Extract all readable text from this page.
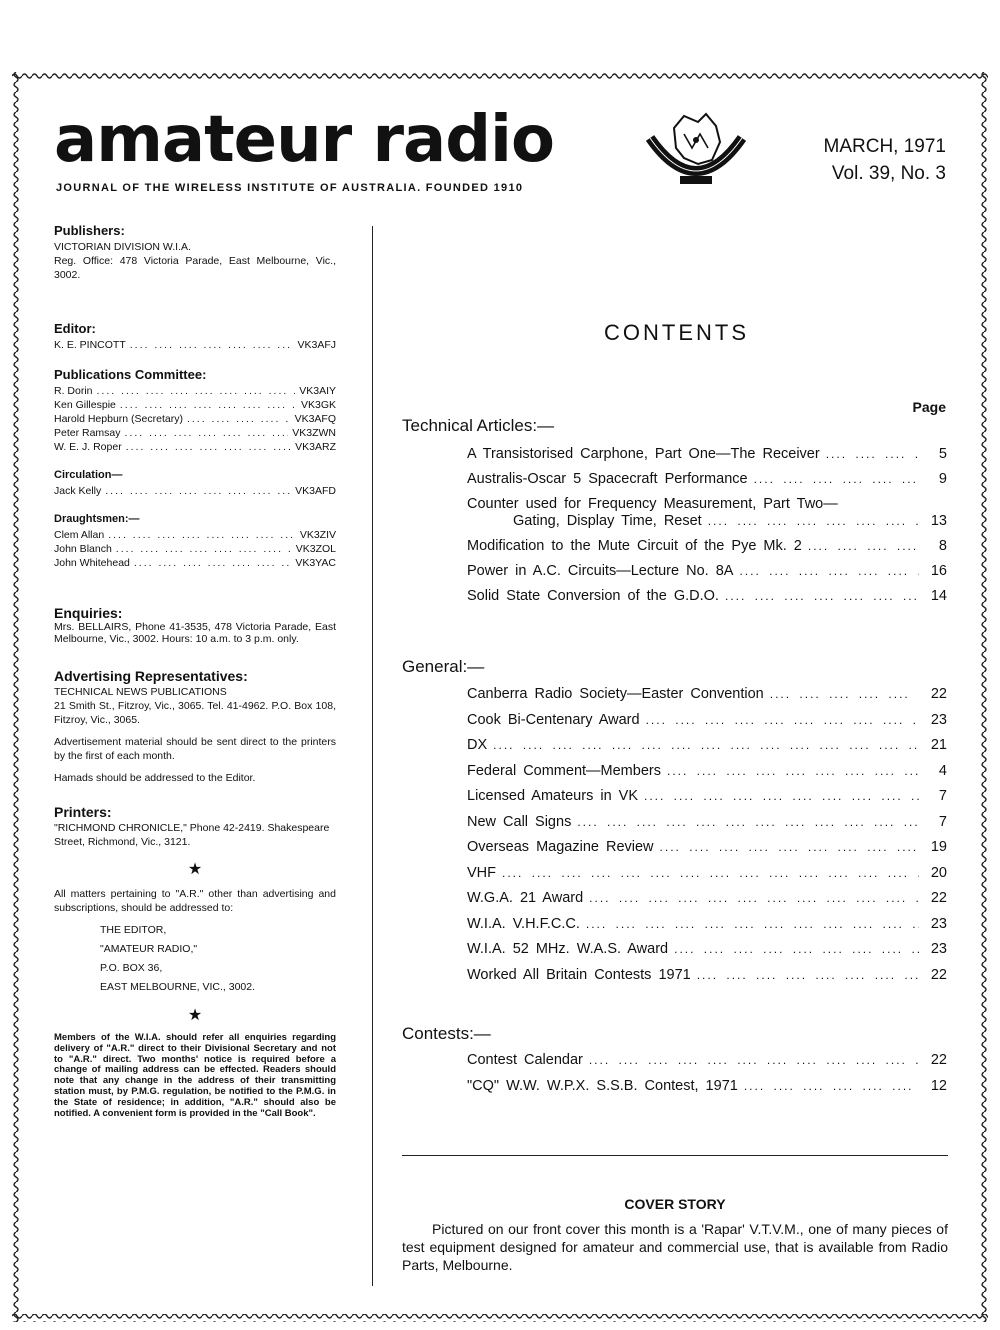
amateur radio
JOURNAL OF THE WIRELESS INSTITUTE OF AUSTRALIA. FOUNDED 1910
MARCH, 1971
Vol. 39, No. 3
Publishers:
VICTORIAN DIVISION W.I.A.
Reg. Office: 478 Victoria Parade, East Melbourne, Vic., 3002.
Editor:
K. E. PINCOTT ....	VK3AFJ
Publications Committee:
R. Dorin ....	VK3AIY
Ken Gillespie ....	VK3GK
Harold Hepburn (Secretary) ....	VK3AFQ
Peter Ramsay ....	VK3ZWN
W. E. J. Roper ....	VK3ARZ
Circulation—
Jack Kelly ....	VK3AFD
Draughtsmen:—
Clem Allan ....	VK3ZIV
John Blanch ....	VK3ZOL
John Whitehead ....	VK3YAC
Enquiries:
Mrs. BELLAIRS, Phone 41-3535, 478 Victoria Parade, East Melbourne, Vic., 3002. Hours: 10 a.m. to 3 p.m. only.
Advertising Representatives:
TECHNICAL NEWS PUBLICATIONS
21 Smith St., Fitzroy, Vic., 3065. Tel. 41-4962. P.O. Box 108, Fitzroy, Vic., 3065.
Advertisement material should be sent direct to the printers by the first of each month.
Hamads should be addressed to the Editor.
Printers:
"RICHMOND CHRONICLE," Phone 42-2419. Shakespeare Street, Richmond, Vic., 3121.
★
All matters pertaining to "A.R." other than advertising and subscriptions, should be addressed to:
THE EDITOR,
"AMATEUR RADIO,"
P.O. BOX 36,
EAST MELBOURNE, VIC., 3002.
★
Members of the W.I.A. should refer all enquiries regarding delivery of "A.R." direct to their Divisional Secretary and not to "A.R." direct. Two months' notice is required before a change of mailing address can be effected. Readers should note that any change in the address of their transmitting station must, by P.M.G. regulation, be notified to the P.M.G. in the State of residence; in addition, "A.R." should also be notified. A convenient form is provided in the "Call Book".
CONTENTS
Page
Technical Articles:—
A Transistorised Carphone, Part One—The Receiver ....	5
Australis-Oscar 5 Spacecraft Performance ....	9
Counter used for Frequency Measurement, Part Two—
Gating, Display Time, Reset ....	13
Modification to the Mute Circuit of the Pye Mk. 2 ....	8
Power in A.C. Circuits—Lecture No. 8A ....	16
Solid State Conversion of the G.D.O. ....	14
General:—
Canberra Radio Society—Easter Convention ....	22
Cook Bi-Centenary Award ....	23
DX ....	21
Federal Comment—Members ....	4
Licensed Amateurs in VK ....	7
New Call Signs ....	7
Overseas Magazine Review ....	19
VHF ....	20
W.G.A. 21 Award ....	22
W.I.A. V.H.F.C.C. ....	23
W.I.A. 52 MHz. W.A.S. Award ....	23
Worked All Britain Contests 1971 ....	22
Contests:—
Contest Calendar ....	22
"CQ" W.W. W.P.X. S.S.B. Contest, 1971 ....	12
COVER STORY
Pictured on our front cover this month is a 'Rapar' V.T.V.M., one of many pieces of test equipment designed for amateur and commercial use, that is available from Radio Parts, Melbourne.
